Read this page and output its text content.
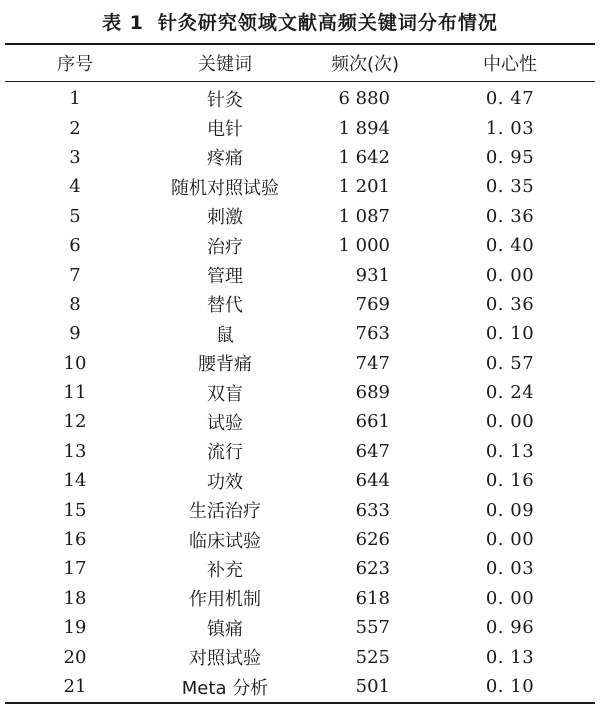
表 1 针灸研究领域文献高频关键词分布情况
序号	关键词	频次(次)	中心性
1	针灸	6 880	0. 47
2	电针	1 894	1. 03
3	疼痛	1 642	0. 95
4	随机对照试验	1 201	0. 35
5	刺激	1 087	0. 36
6	治疗	1 000	0. 40
7	管理	931	0. 00
8	替代	769	0. 36
9	鼠	763	0. 10
10	腰背痛	747	0. 57
11	双盲	689	0. 24
12	试验	661	0. 00
13	流行	647	0. 13
14	功效	644	0. 16
15	生活治疗	633	0. 09
16	临床试验	626	0. 00
17	补充	623	0. 03
18	作用机制	618	0. 00
19	镇痛	557	0. 96
20	对照试验	525	0. 13
21	Meta 分析	501	0. 10
